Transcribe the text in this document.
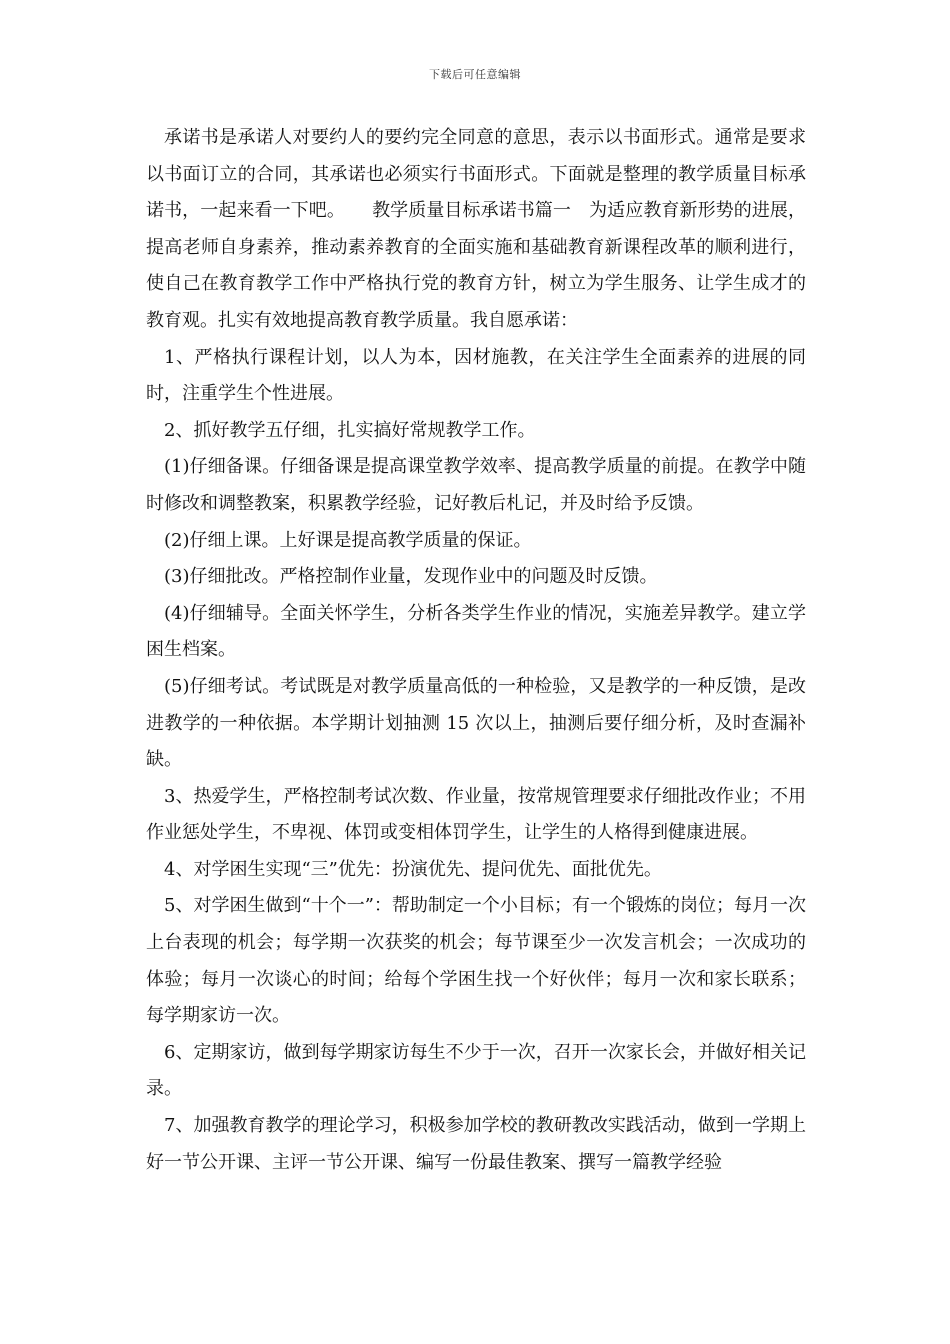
下载后可任意编辑

承诺书是承诺人对要约人的要约完全同意的意思，表示以书面形式。通常是要求以书面订立的合同，其承诺也必须实行书面形式。下面就是整理的教学质量目标承诺书，一起来看一下吧。　　教学质量目标承诺书篇一　为适应教育新形势的进展，提高老师自身素养，推动素养教育的全面实施和基础教育新课程改革的顺利进行，使自己在教育教学工作中严格执行党的教育方针，树立为学生服务、让学生成才的教育观。扎实有效地提高教育教学质量。我自愿承诺：

1、严格执行课程计划，以人为本，因材施教，在关注学生全面素养的进展的同时，注重学生个性进展。

2、抓好教学五仔细，扎实搞好常规教学工作。

(1)仔细备课。仔细备课是提高课堂教学效率、提高教学质量的前提。在教学中随时修改和调整教案，积累教学经验，记好教后札记，并及时给予反馈。

(2)仔细上课。上好课是提高教学质量的保证。

(3)仔细批改。严格控制作业量，发现作业中的问题及时反馈。

(4)仔细辅导。全面关怀学生，分析各类学生作业的情况，实施差异教学。建立学困生档案。

(5)仔细考试。考试既是对教学质量高低的一种检验，又是教学的一种反馈，是改进教学的一种依据。本学期计划抽测 15 次以上，抽测后要仔细分析，及时查漏补缺。

3、热爱学生，严格控制考试次数、作业量，按常规管理要求仔细批改作业；不用作业惩处学生，不卑视、体罚或变相体罚学生，让学生的人格得到健康进展。

4、对学困生实现“三”优先：扮演优先、提问优先、面批优先。

5、对学困生做到“十个一”：帮助制定一个小目标；有一个锻炼的岗位；每月一次上台表现的机会；每学期一次获奖的机会；每节课至少一次发言机会；一次成功的体验；每月一次谈心的时间；给每个学困生找一个好伙伴；每月一次和家长联系；每学期家访一次。

6、定期家访，做到每学期家访每生不少于一次，召开一次家长会，并做好相关记录。

7、加强教育教学的理论学习，积极参加学校的教研教改实践活动，做到一学期上好一节公开课、主评一节公开课、编写一份最佳教案、撰写一篇教学经验
